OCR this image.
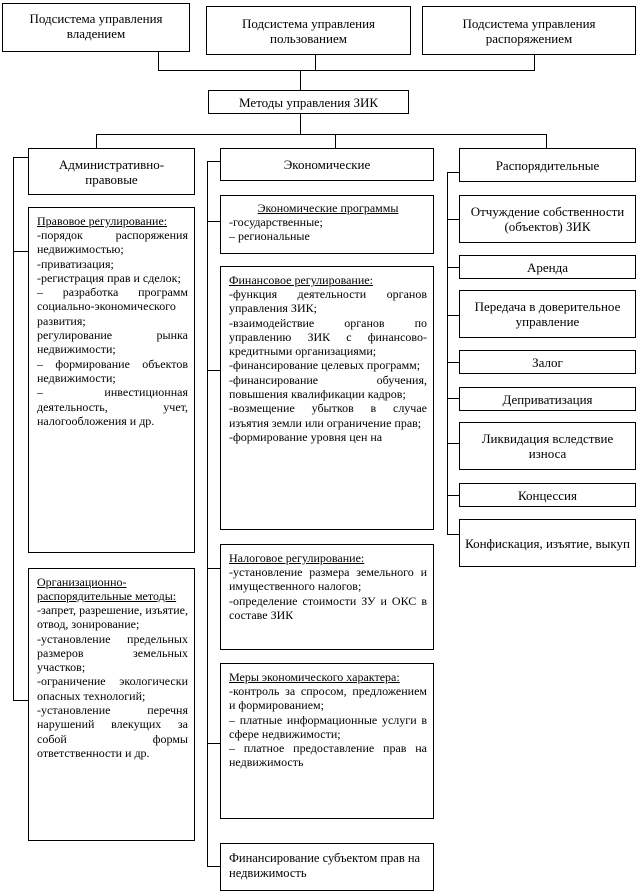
Подсистема управления владением
Подсистема управления пользованием
Подсистема управления распоряжением
Методы управления ЗИК
Административно-правовые
Экономические	Распорядительные
Правовое регулирование:
-порядок распоряжения недвижимостью;
-приватизация;
-регистрация прав и сделок;
– разработка программ социально-экономического развития;
регулирование рынка недвижимости;
– формирование объектов недвижимости;
– инвестиционная деятельность, учет, налогообложения и др.
Организационно-распорядительные методы:
-запрет, разрешение, изъятие, отвод, зонирование;
-установление предельных размеров земельных участков;
-ограничение экологически опасных технологий;
-установление перечня нарушений влекущих за собой формы ответственности и др.
Экономические программы
-государственные;
– региональные
Финансовое регулирование:
-функция деятельности органов управления ЗИК;
-взаимодействие органов по управлению ЗИК с финансово-кредитными организациями;
-финансирование целевых программ;
-финансирование обучения, повышения квалификации кадров;
-возмещение убытков в случае изъятия земли или ограничение прав;
-формирование уровня цен на
Налоговое регулирование:
-установление размера земельного и имущественного налогов;
-определение стоимости ЗУ и ОКС в составе ЗИК
Меры экономического характера:
-контроль за спросом, предложением и формированием;
– платные информационные услуги в сфере недвижимости;
– платное предоставление прав на недвижимость
Финансирование субъектом прав на недвижимость
Отчуждение собственности (объектов) ЗИК
Аренда
Передача в доверительное управление
Залог
Деприватизация
Ликвидация вследствие износа
Концессия
Конфискация, изъятие, выкуп
